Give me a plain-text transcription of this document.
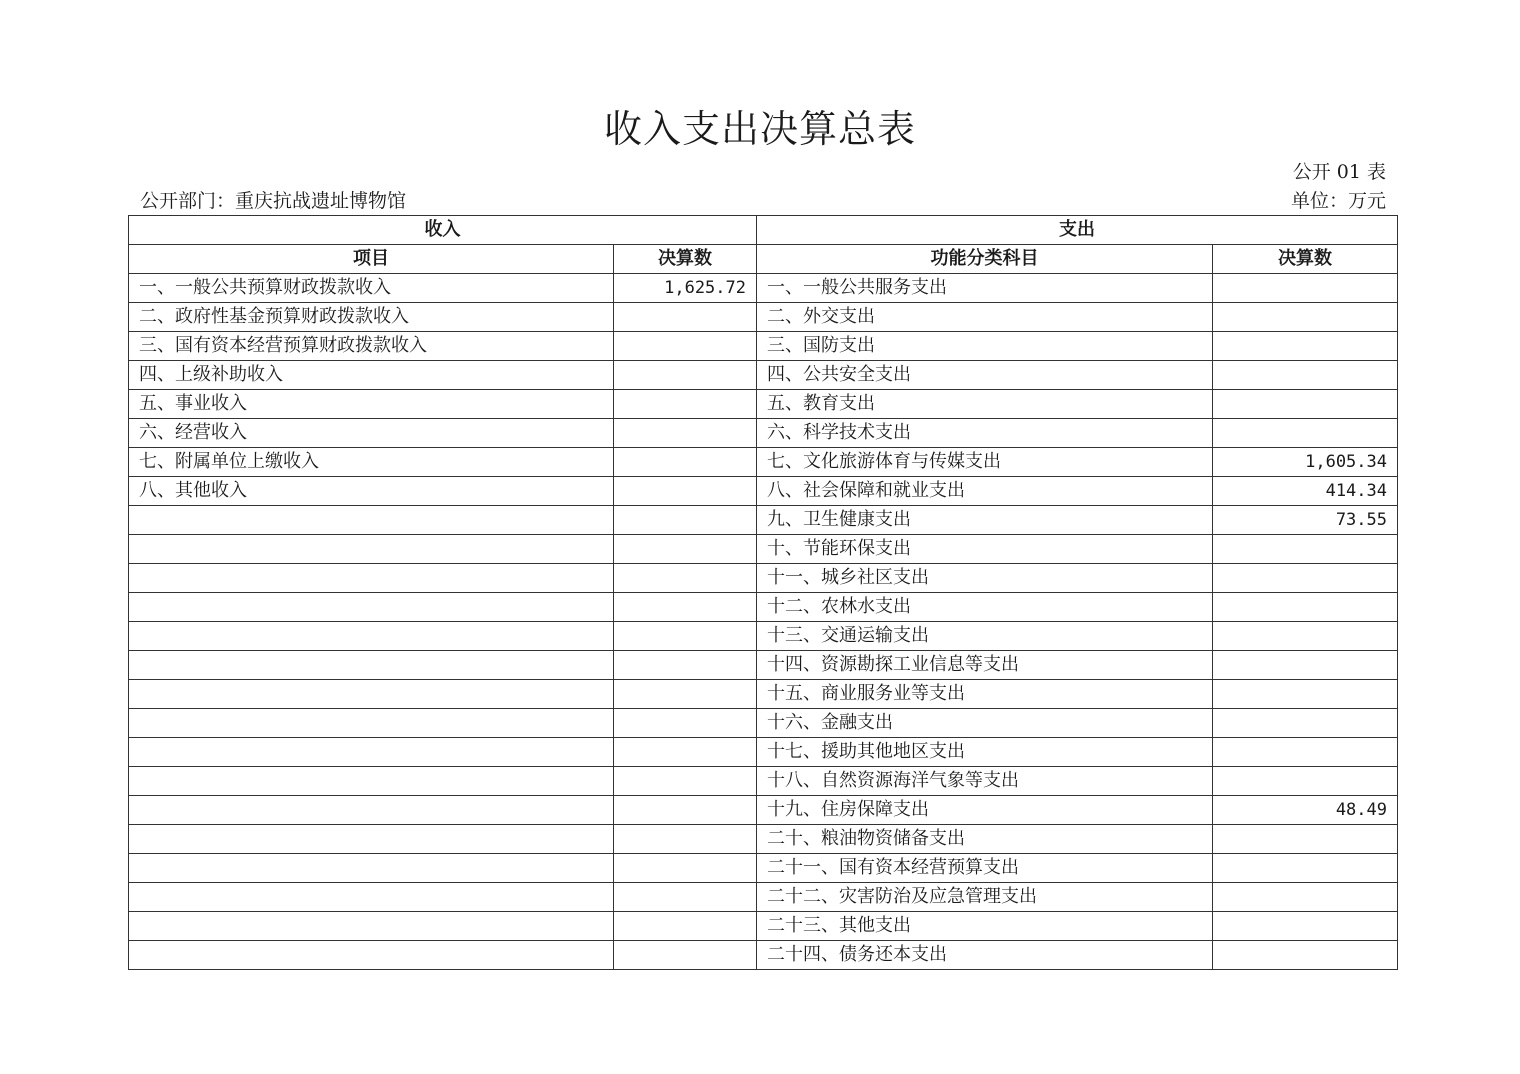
收入支出决算总表
公开 01 表
公开部门：重庆抗战遗址博物馆	单位：万元
收入		支出	
项目	决算数	功能分类科目	决算数
一、一般公共预算财政拨款收入	1,625.72	一、一般公共服务支出	
二、政府性基金预算财政拨款收入		二、外交支出	
三、国有资本经营预算财政拨款收入		三、国防支出	
四、上级补助收入		四、公共安全支出	
五、事业收入		五、教育支出	
六、经营收入		六、科学技术支出	
七、附属单位上缴收入		七、文化旅游体育与传媒支出	1,605.34
八、其他收入		八、社会保障和就业支出	414.34
		九、卫生健康支出	73.55
		十、节能环保支出	
		十一、城乡社区支出	
		十二、农林水支出	
		十三、交通运输支出	
		十四、资源勘探工业信息等支出	
		十五、商业服务业等支出	
		十六、金融支出	
		十七、援助其他地区支出	
		十八、自然资源海洋气象等支出	
		十九、住房保障支出	48.49
		二十、粮油物资储备支出	
		二十一、国有资本经营预算支出	
		二十二、灾害防治及应急管理支出	
		二十三、其他支出	
		二十四、债务还本支出	
